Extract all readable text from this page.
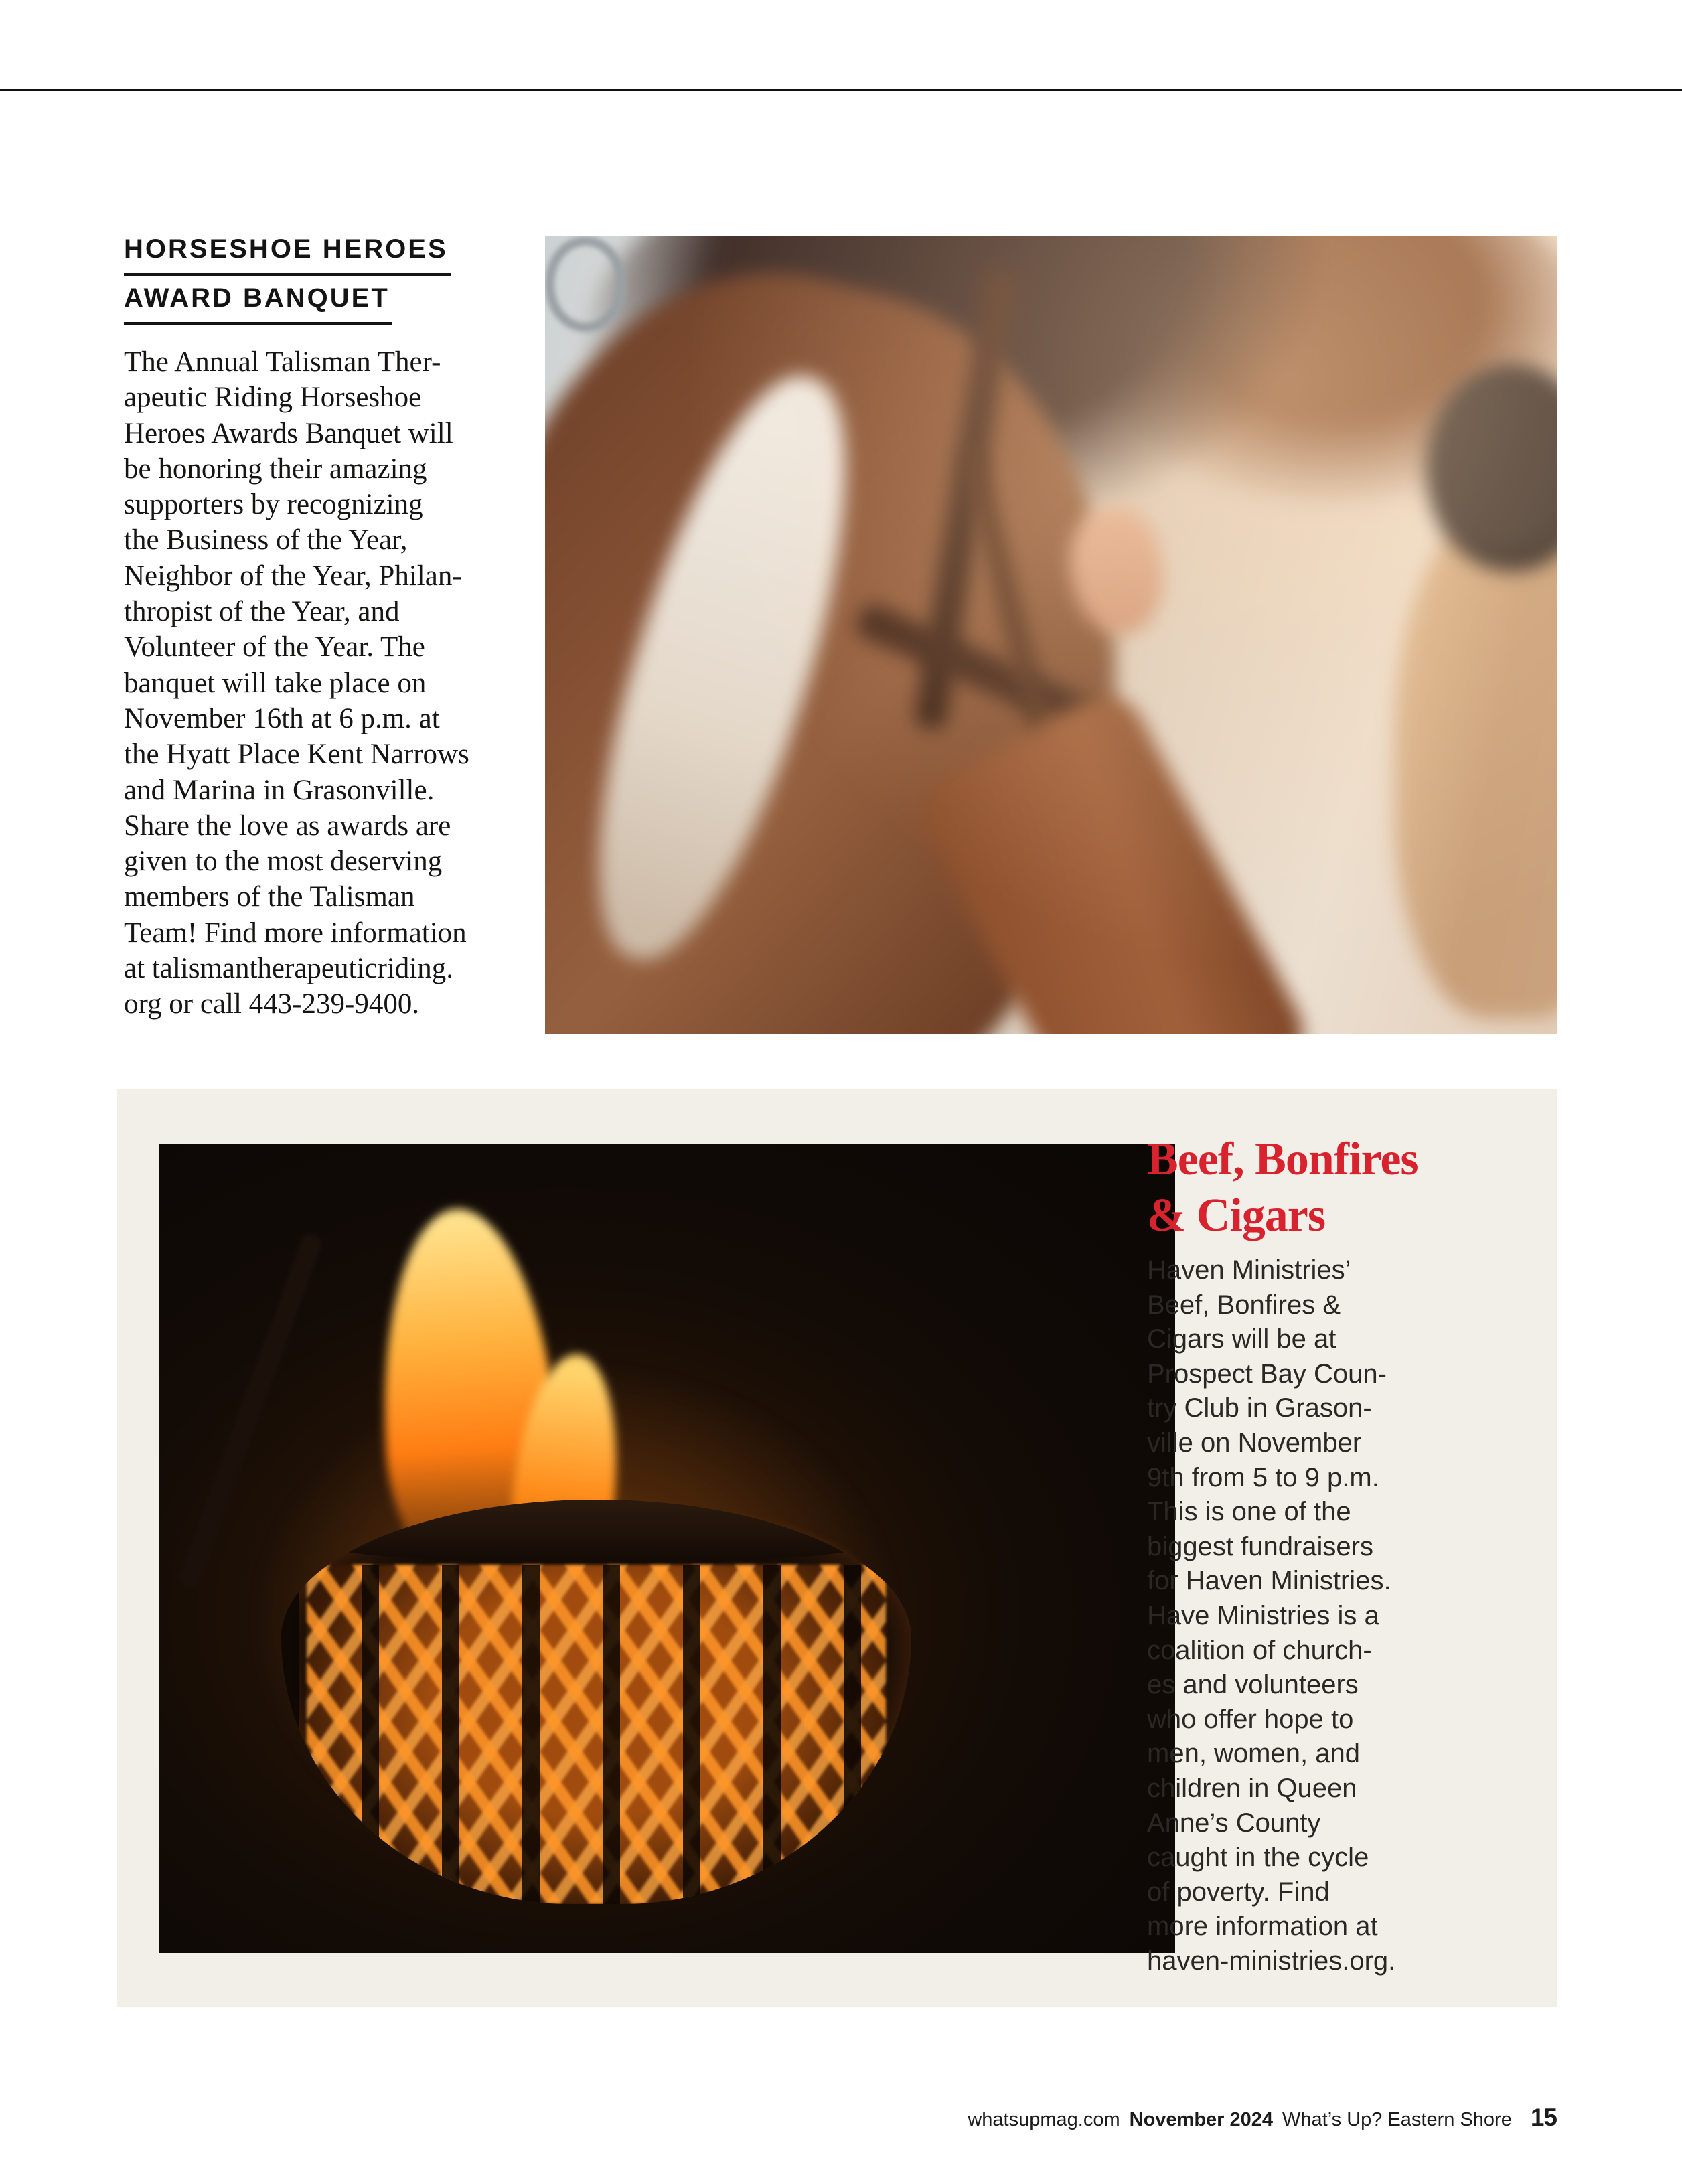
HORSESHOE HEROES
AWARD BANQUET
The Annual Talisman Ther-
apeutic Riding Horseshoe
Heroes Awards Banquet will
be honoring their amazing
supporters by recognizing
the Business of the Year,
Neighbor of the Year, Philan-
thropist of the Year, and
Volunteer of the Year. The
banquet will take place on
November 16th at 6 p.m. at
the Hyatt Place Kent Narrows
and Marina in Grasonville.
Share the love as awards are
given to the most deserving
members of the Talisman
Team! Find more information
at talismantherapeuticriding.
org or call 443-239-9400.
Beef, Bonfires
& Cigars
Haven Ministries’
Beef, Bonfires &
Cigars will be at
Prospect Bay Coun-
try Club in Grason-
ville on November
9th from 5 to 9 p.m.
This is one of the
biggest fundraisers
for Haven Ministries.
Have Ministries is a
coalition of church-
es and volunteers
who offer hope to
men, women, and
children in Queen
Anne’s County
caught in the cycle
of poverty. Find
more information at
haven-ministries.org.
whatsupmag.com November 2024 What’s Up? Eastern Shore 15
